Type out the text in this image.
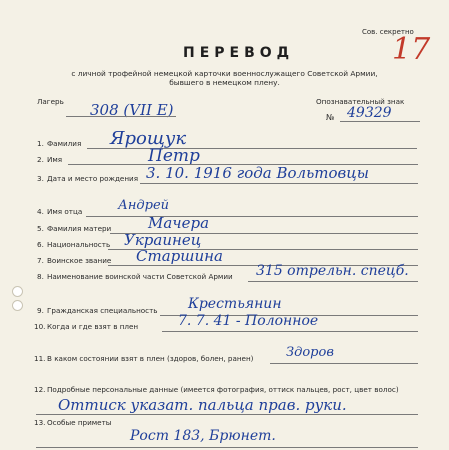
Сов. секретно
17
ПЕРЕВОД
с личной трофейной немецкой карточки военнослужащего Советской Армии,
бывшего в немецком плену.
Лагерь 308 (VII E)	Опознавательный знак
№ 49329
1. Фамилия Ярощук
2. Имя	Петр
3. Дата и место рождения 3. 10. 1916 года Вольтовцы
4. Имя отца	Андрей
5. Фамилия матери Мачера
6. Национальность Украинец
7. Воинское звание Старшина
8. Наименование воинской части Советской Армии 315 отрельн. спецб.
9. Гражданская специальность Крестьянин
10. Когда и где взят в плен	7. 7. 41 - Полонное
11. В каком состоянии взят в плен (здоров, болен, ранен)	Здоров
12. Подробные персональные данные (имеется фотография, оттиск пальцев, рост, цвет волос)
Оттиск указат. пальца прав. руки.
13. Особые приметы
Рост 183, Брюнет.
